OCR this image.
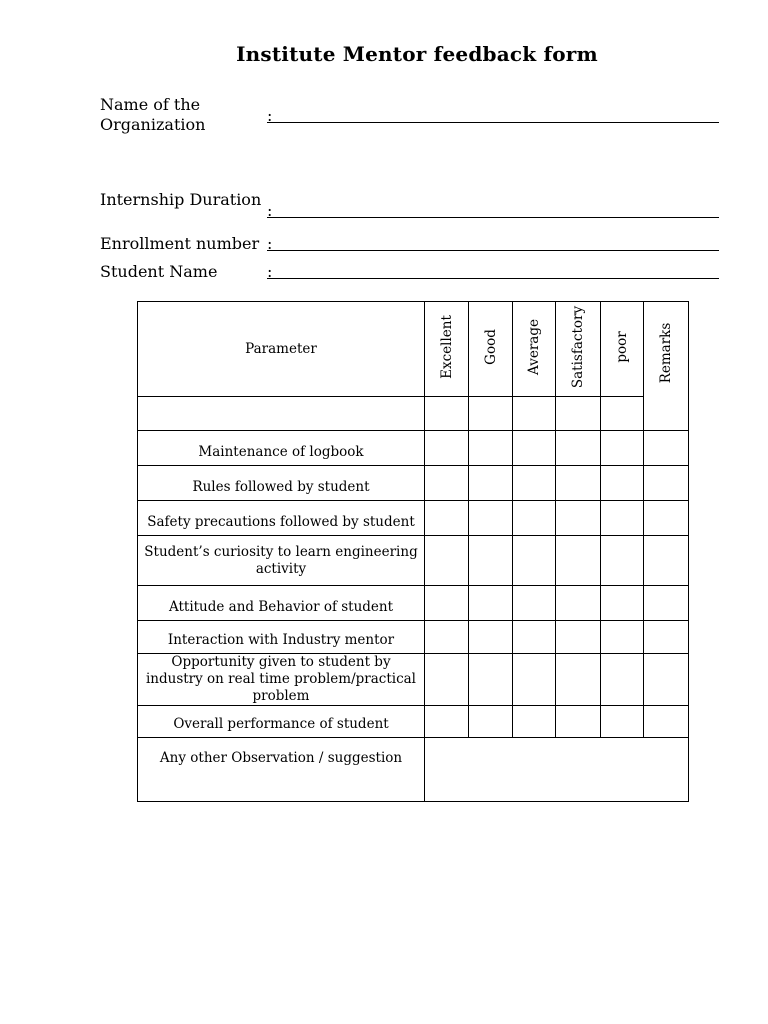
Institute Mentor feedback form
Name of the Organization	:
Internship Duration
:
Enrollment number :
Student Name	:
Parameter	Excellent	Good	Average	Satisfactory	poor	Remarks

Maintenance of logbook						

Rules followed by student						

Safety precautions followed by student						

Student’s curiosity to learn engineering activity						

Attitude and Behavior of student						

Interaction with Industry mentor						

Opportunity given to student by industry on real time problem/practical problem						

Overall performance of student						

Any other Observation / suggestion						
